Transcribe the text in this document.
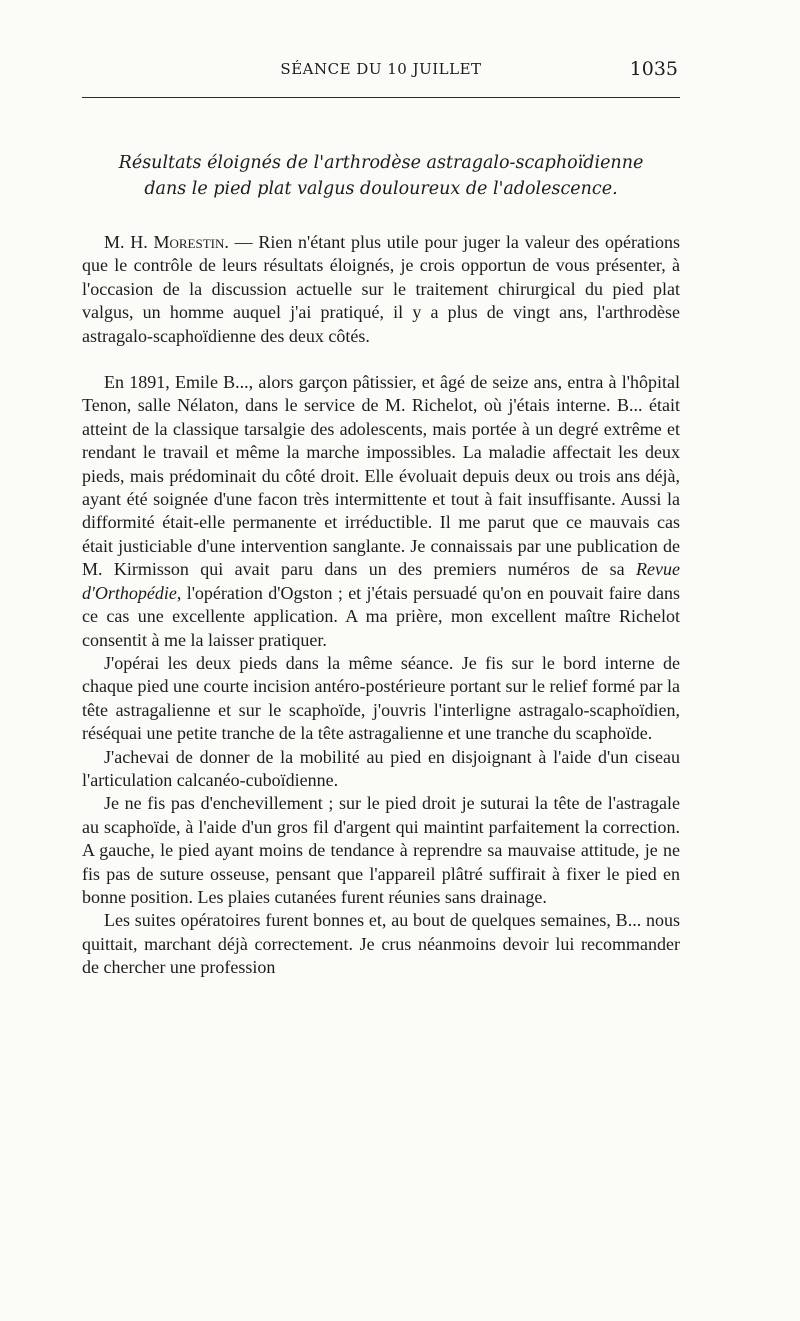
SÉANCE DU 10 JUILLET	1035
Résultats éloignés de l'arthrodèse astragalo-scaphoïdienne
dans le pied plat valgus douloureux de l'adolescence.

M. H. Morestin. — Rien n'étant plus utile pour juger la valeur des opérations que le contrôle de leurs résultats éloignés, je crois opportun de vous présenter, à l'occasion de la discussion actuelle sur le traitement chirurgical du pied plat valgus, un homme auquel j'ai pratiqué, il y a plus de vingt ans, l'arthrodèse astragalo-scaphoïdienne des deux côtés.

En 1891, Emile B..., alors garçon pâtissier, et âgé de seize ans, entra à l'hôpital Tenon, salle Nélaton, dans le service de M. Richelot, où j'étais interne. B... était atteint de la classique tarsalgie des adolescents, mais portée à un degré extrême et rendant le travail et même la marche impossibles. La maladie affectait les deux pieds, mais prédominait du côté droit. Elle évoluait depuis deux ou trois ans déjà, ayant été soignée d'une facon très intermittente et tout à fait insuffisante. Aussi la difformité était-elle permanente et irréductible. Il me parut que ce mauvais cas était justiciable d'une intervention sanglante. Je connaissais par une publication de M. Kirmisson qui avait paru dans un des premiers numéros de sa Revue d'Orthopédie, l'opération d'Ogston ; et j'étais persuadé qu'on en pouvait faire dans ce cas une excellente application. A ma prière, mon excellent maître Richelot consentit à me la laisser pratiquer.

J'opérai les deux pieds dans la même séance. Je fis sur le bord interne de chaque pied une courte incision antéro-postérieure portant sur le relief formé par la tête astragalienne et sur le scaphoïde, j'ouvris l'interligne astragalo-scaphoïdien, réséquai une petite tranche de la tête astragalienne et une tranche du scaphoïde.

J'achevai de donner de la mobilité au pied en disjoignant à l'aide d'un ciseau l'articulation calcanéo-cuboïdienne.

Je ne fis pas d'enchevillement ; sur le pied droit je suturai la tête de l'astragale au scaphoïde, à l'aide d'un gros fil d'argent qui maintint parfaitement la correction. A gauche, le pied ayant moins de tendance à reprendre sa mauvaise attitude, je ne fis pas de suture osseuse, pensant que l'appareil plâtré suffirait à fixer le pied en bonne position. Les plaies cutanées furent réunies sans drainage.

Les suites opératoires furent bonnes et, au bout de quelques semaines, B... nous quittait, marchant déjà correctement. Je crus néanmoins devoir lui recommander de chercher une profession
